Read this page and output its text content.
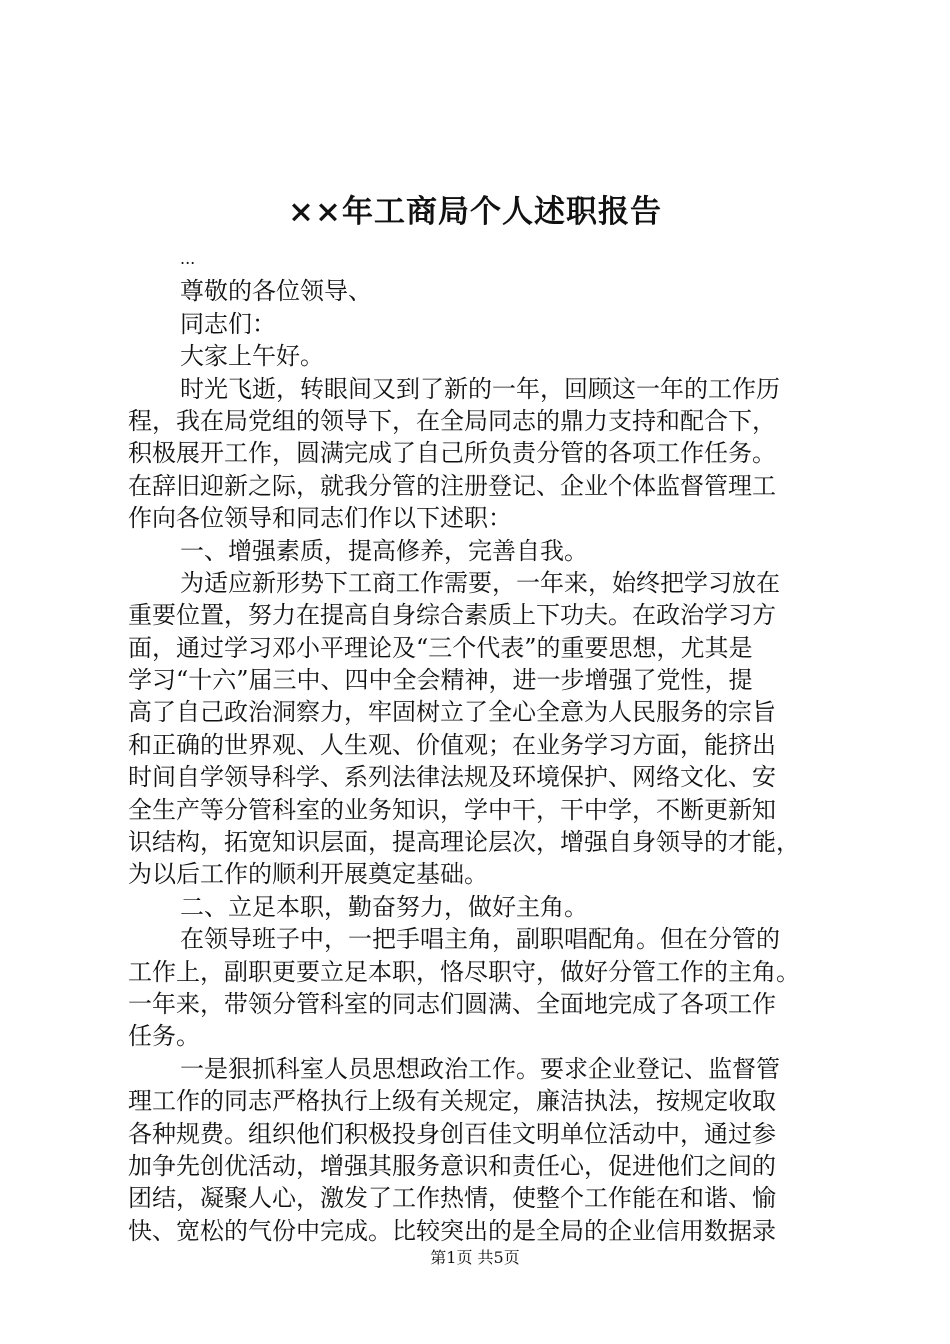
××年工商局个人述职报告
...
尊敬的各位领导、
同志们：
大家上午好。
时光飞逝，转眼间又到了新的一年，回顾这一年的工作历
程，我在局党组的领导下，在全局同志的鼎力支持和配合下，
积极展开工作，圆满完成了自己所负责分管的各项工作任务。
在辞旧迎新之际，就我分管的注册登记、企业个体监督管理工
作向各位领导和同志们作以下述职：
一、增强素质，提高修养，完善自我。
为适应新形势下工商工作需要，一年来，始终把学习放在
重要位置，努力在提高自身综合素质上下功夫。在政治学习方
面，通过学习邓小平理论及“三个代表”的重要思想，尤其是
学习“十六”届三中、四中全会精神，进一步增强了党性，提
高了自己政治洞察力，牢固树立了全心全意为人民服务的宗旨
和正确的世界观、人生观、价值观；在业务学习方面，能挤出
时间自学领导科学、系列法律法规及环境保护、网络文化、安
全生产等分管科室的业务知识，学中干，干中学，不断更新知
识结构，拓宽知识层面，提高理论层次，增强自身领导的才能，
为以后工作的顺利开展奠定基础。
二、立足本职，勤奋努力，做好主角。
在领导班子中，一把手唱主角，副职唱配角。但在分管的
工作上，副职更要立足本职，恪尽职守，做好分管工作的主角。
一年来，带领分管科室的同志们圆满、全面地完成了各项工作
任务。
一是狠抓科室人员思想政治工作。要求企业登记、监督管
理工作的同志严格执行上级有关规定，廉洁执法，按规定收取
各种规费。组织他们积极投身创百佳文明单位活动中，通过参
加争先创优活动，增强其服务意识和责任心，促进他们之间的
团结，凝聚人心，激发了工作热情，使整个工作能在和谐、愉
快、宽松的气份中完成。比较突出的是全局的企业信用数据录
第1页 共5页
